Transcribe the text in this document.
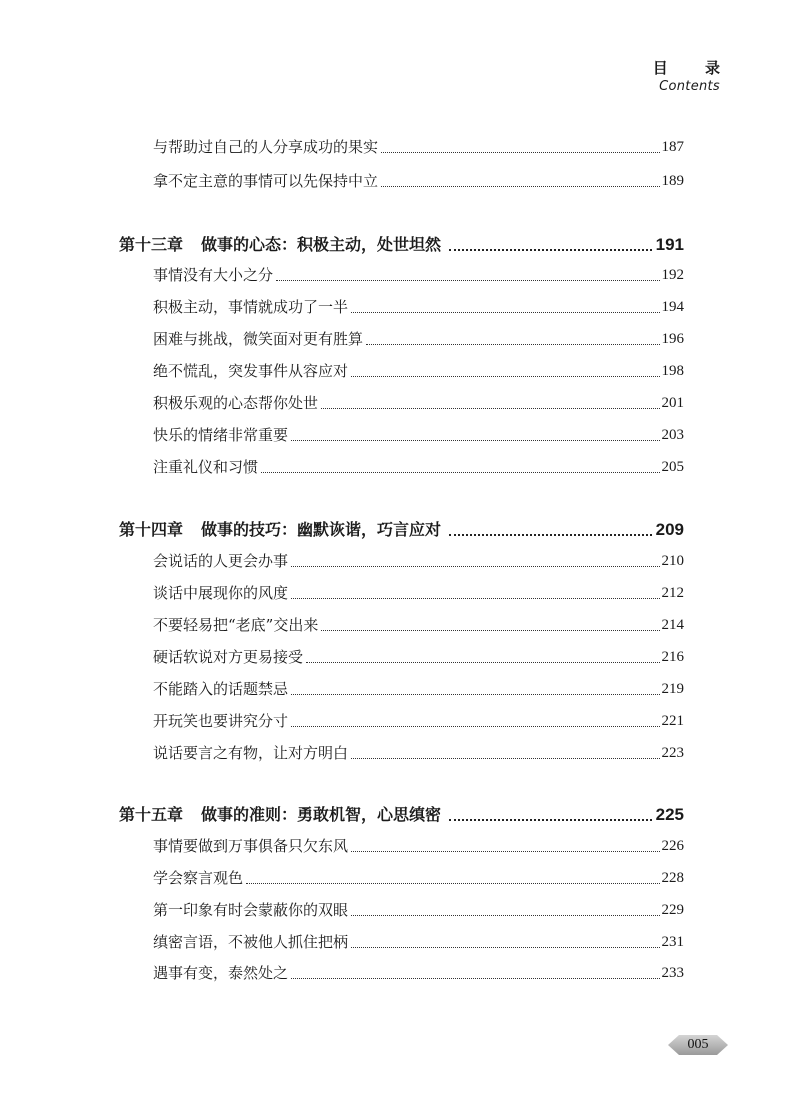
目 录
Contents
与帮助过自己的人分享成功的果实	187
拿不定主意的事情可以先保持中立	189
第十三章 做事的心态：积极主动，处世坦然	191
事情没有大小之分	192
积极主动，事情就成功了一半	194
困难与挑战，微笑面对更有胜算	196
绝不慌乱，突发事件从容应对	198
积极乐观的心态帮你处世	201
快乐的情绪非常重要	203
注重礼仪和习惯	205
第十四章 做事的技巧：幽默诙谐，巧言应对	209
会说话的人更会办事	210
谈话中展现你的风度	212
不要轻易把“老底”交出来	214
硬话软说对方更易接受	216
不能踏入的话题禁忌	219
开玩笑也要讲究分寸	221
说话要言之有物，让对方明白	223
第十五章 做事的准则：勇敢机智，心思缜密	225
事情要做到万事俱备只欠东风	226
学会察言观色	228
第一印象有时会蒙蔽你的双眼	229
缜密言语，不被他人抓住把柄	231
遇事有变，泰然处之	233
005
